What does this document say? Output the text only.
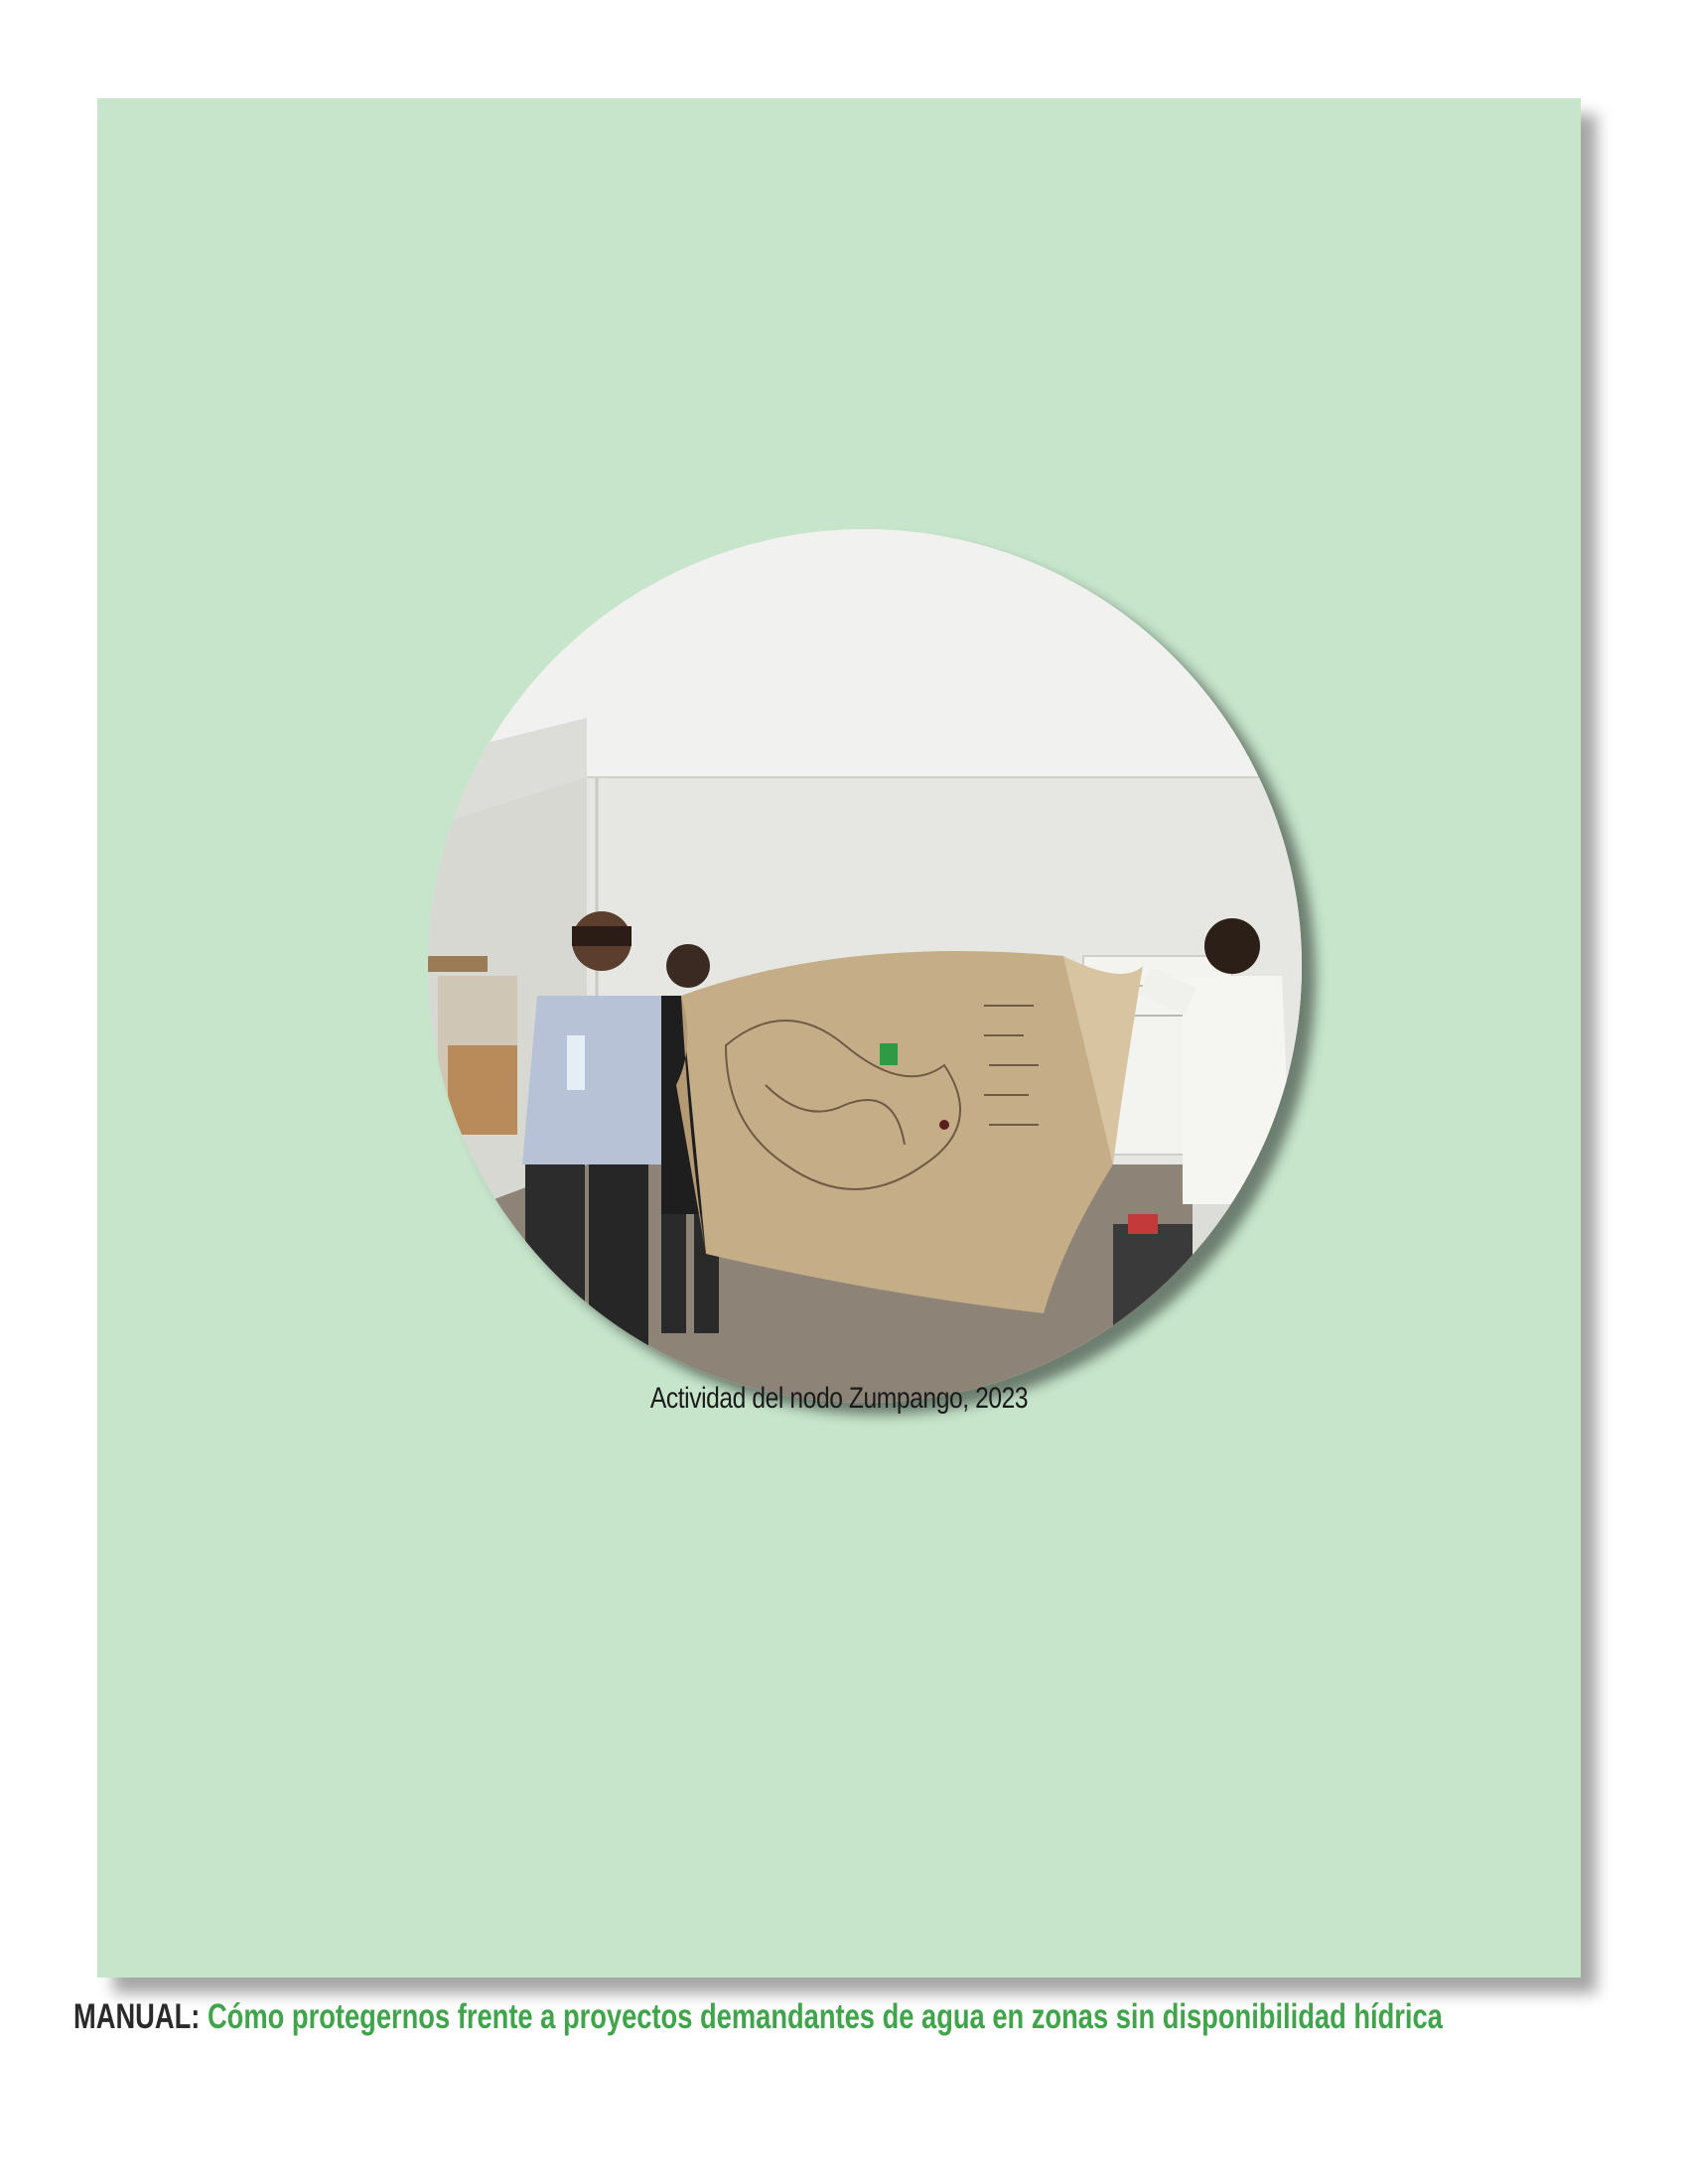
Actividad del nodo Zumpango, 2023
MANUAL: Cómo protegernos frente a proyectos demandantes de agua en zonas sin disponibilidad hídrica
